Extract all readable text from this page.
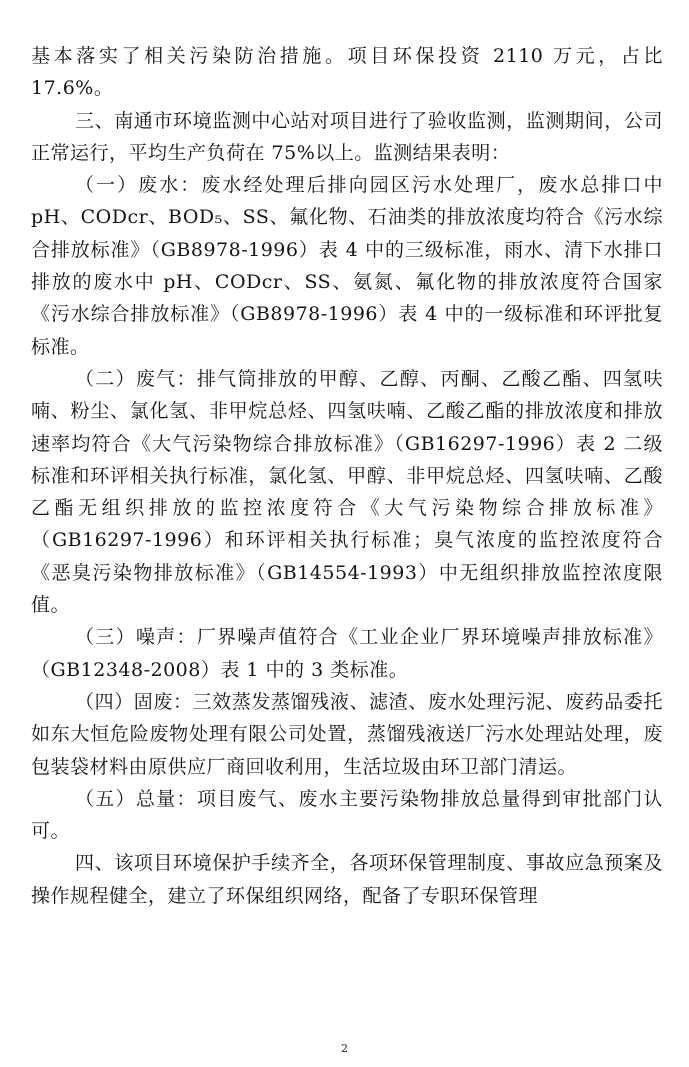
基本落实了相关污染防治措施。项目环保投资 2110 万元，占比 17.6%。

三、南通市环境监测中心站对项目进行了验收监测，监测期间，公司正常运行，平均生产负荷在 75%以上。监测结果表明：

（一）废水：废水经处理后排向园区污水处理厂，废水总排口中 pH、CODcr、BOD₅、SS、氟化物、石油类的排放浓度均符合《污水综合排放标准》（GB8978-1996）表 4 中的三级标准，雨水、清下水排口排放的废水中 pH、CODcr、SS、氨氮、氟化物的排放浓度符合国家《污水综合排放标准》（GB8978-1996）表 4 中的一级标准和环评批复标准。

（二）废气：排气筒排放的甲醇、乙醇、丙酮、乙酸乙酯、四氢呋喃、粉尘、氯化氢、非甲烷总烃、四氢呋喃、乙酸乙酯的排放浓度和排放速率均符合《大气污染物综合排放标准》（GB16297-1996）表 2 二级标准和环评相关执行标准，氯化氢、甲醇、非甲烷总烃、四氢呋喃、乙酸乙酯无组织排放的监控浓度符合《大气污染物综合排放标准》（GB16297-1996）和环评相关执行标准；臭气浓度的监控浓度符合《恶臭污染物排放标准》（GB14554-1993）中无组织排放监控浓度限值。

（三）噪声：厂界噪声值符合《工业企业厂界环境噪声排放标准》（GB12348-2008）表 1 中的 3 类标准。

（四）固废：三效蒸发蒸馏残液、滤渣、废水处理污泥、废药品委托如东大恒危险废物处理有限公司处置，蒸馏残液送厂污水处理站处理，废包装袋材料由原供应厂商回收利用，生活垃圾由环卫部门清运。

（五）总量：项目废气、废水主要污染物排放总量得到审批部门认可。

四、该项目环境保护手续齐全，各项环保管理制度、事故应急预案及操作规程健全，建立了环保组织网络，配备了专职环保管理

2
